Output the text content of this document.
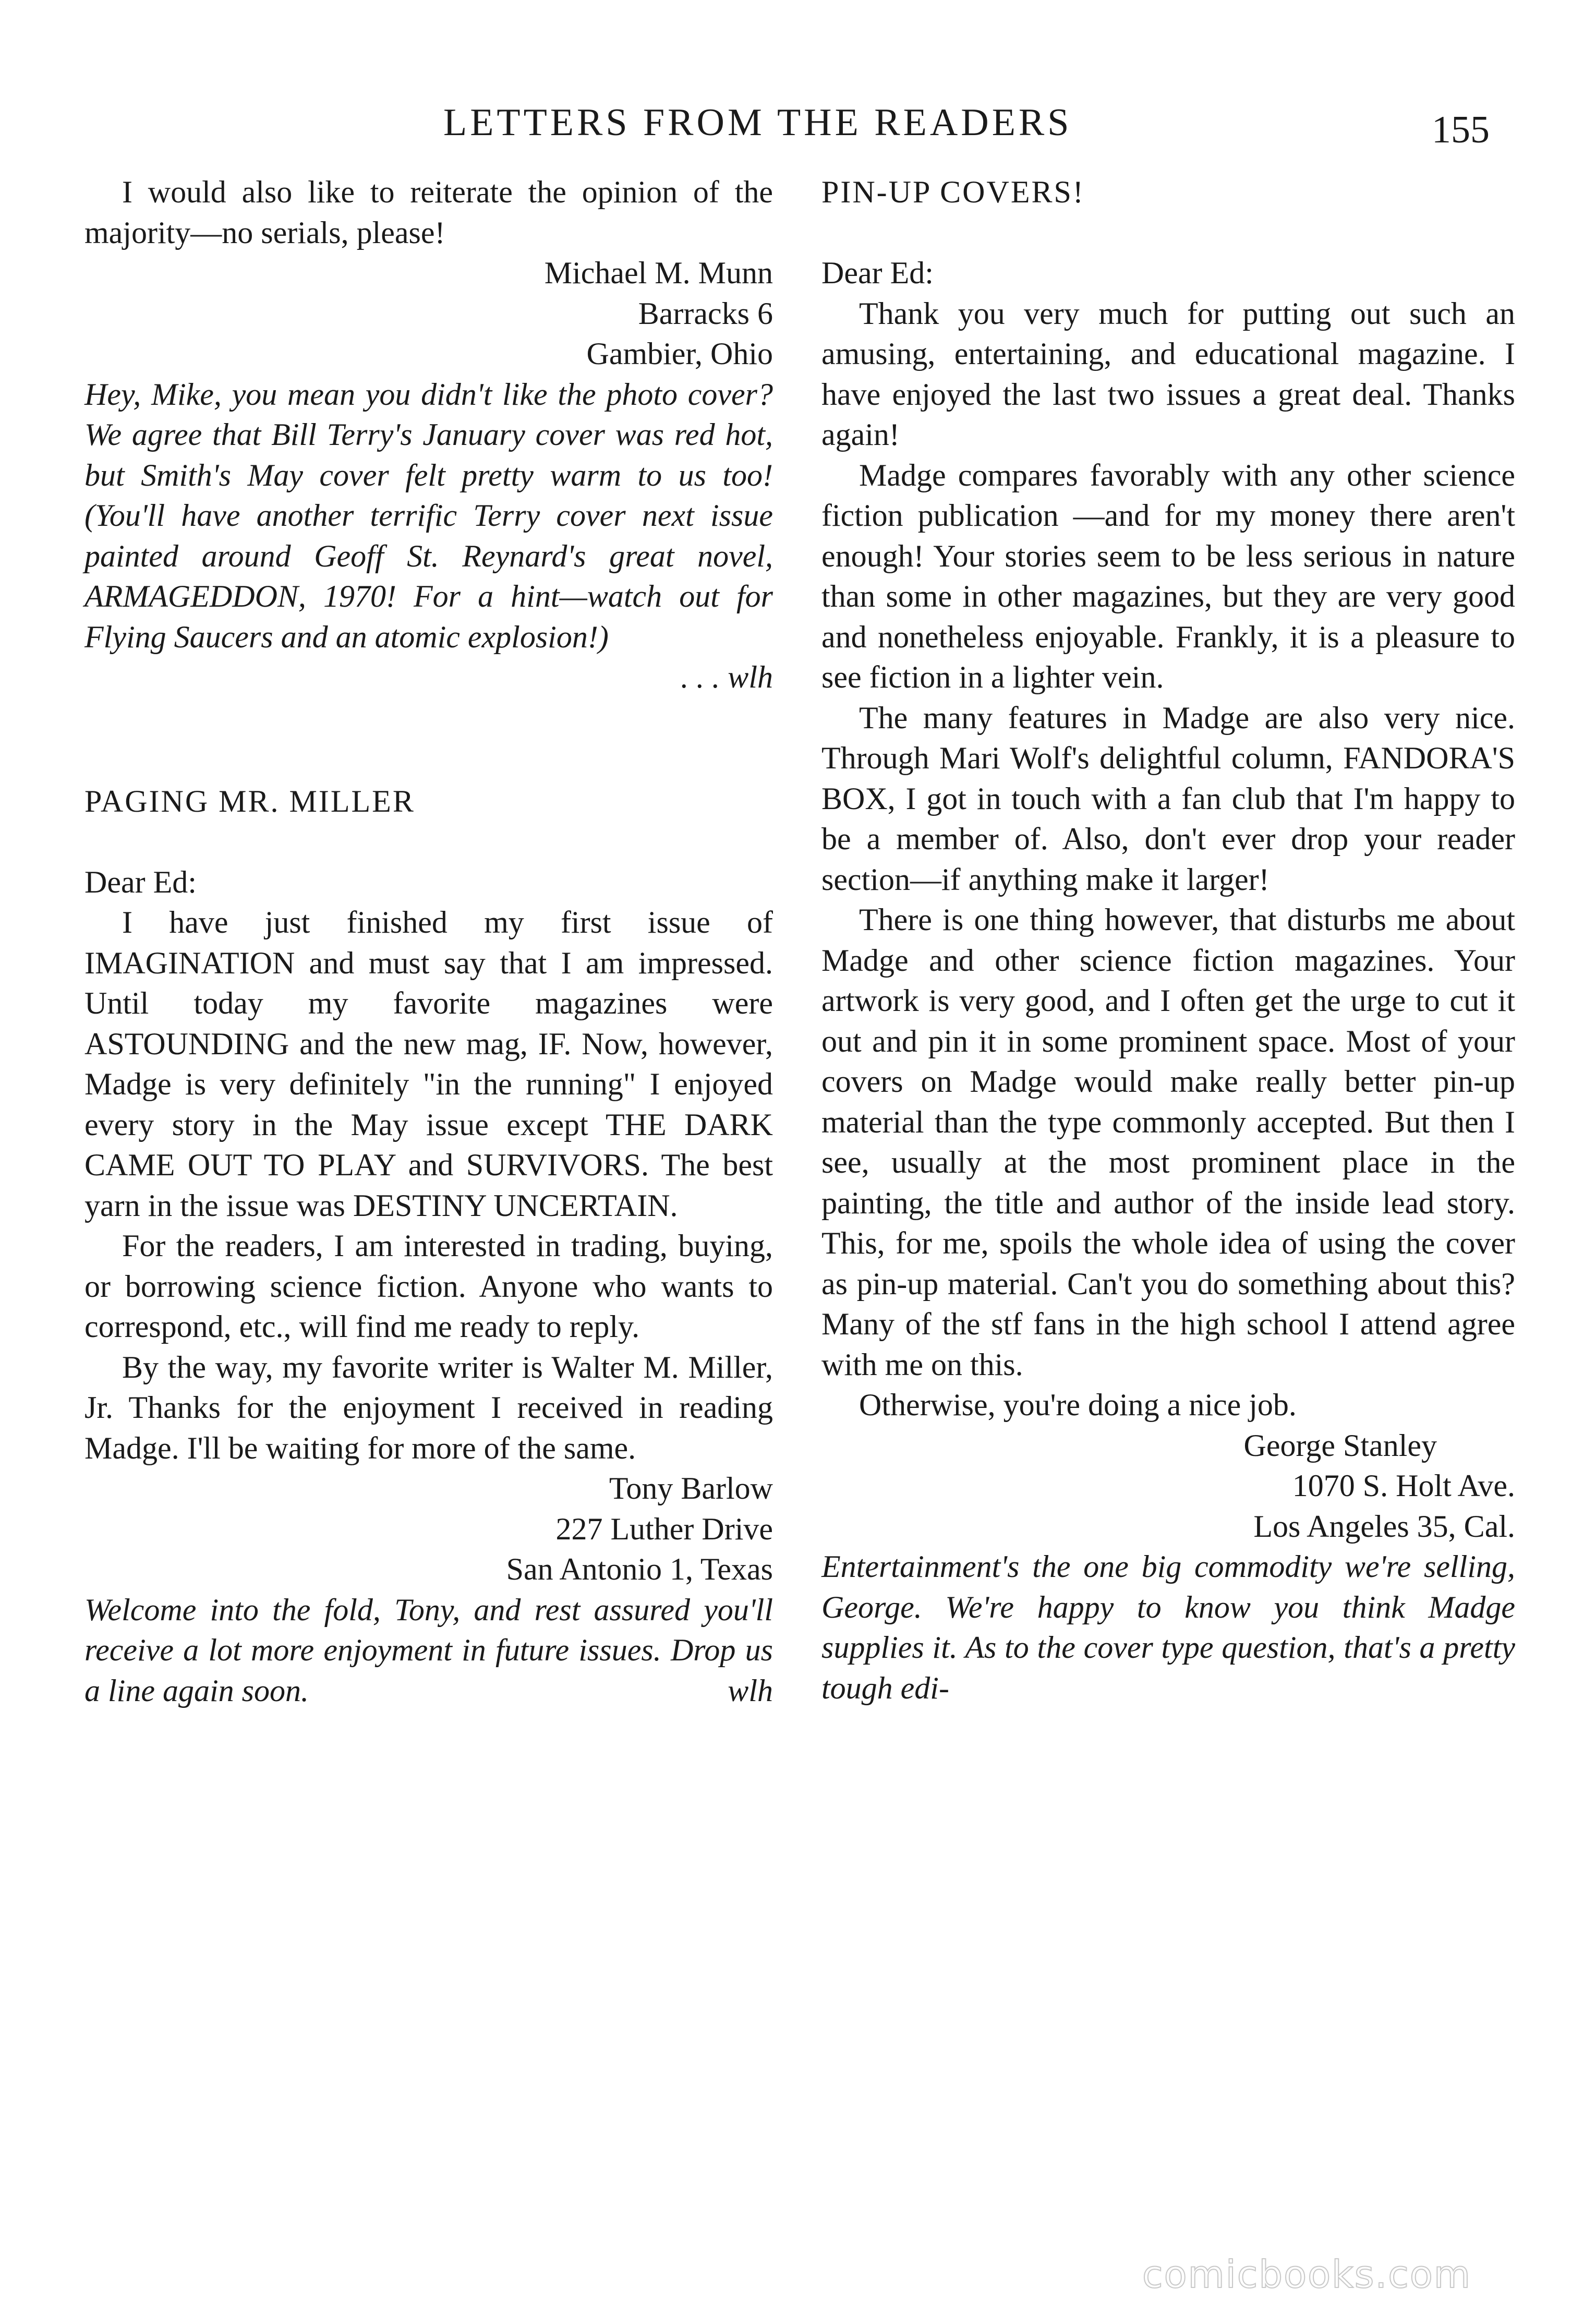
LETTERS FROM THE READERS	155

I would also like to reiterate the opinion of the majority—no serials, please!

Michael M. Munn

Barracks 6

Gambier, Ohio

Hey, Mike, you mean you didn't like the photo cover? We agree that Bill Terry's January cover was red hot, but Smith's May cover felt pretty warm to us too! (You'll have another terrific Terry cover next issue painted around Geoff St. Reynard's great novel, ARMAGEDDON, 1970! For a hint—watch out for Flying Saucers and an atomic explosion!)

. . . wlh

PAGING MR. MILLER

Dear Ed:

I have just finished my first issue of IMAGINATION and must say that I am impressed. Until today my favorite magazines were ASTOUNDING and the new mag, IF. Now, however, Madge is very definitely "in the running" I enjoyed every story in the May issue except THE DARK CAME OUT TO PLAY and SURVIVORS. The best yarn in the issue was DESTINY UNCERTAIN.

For the readers, I am interested in trading, buying, or borrowing science fiction. Anyone who wants to correspond, etc., will find me ready to reply.

By the way, my favorite writer is Walter M. Miller, Jr. Thanks for the enjoyment I received in reading Madge. I'll be waiting for more of the same.

Tony Barlow

227 Luther Drive

San Antonio 1, Texas

Welcome into the fold, Tony, and rest assured you'll receive a lot more enjoyment in future issues. Drop us a line again soon.	wlh

PIN-UP COVERS!

Dear Ed:

Thank you very much for putting out such an amusing, entertaining, and educational magazine. I have enjoyed the last two issues a great deal. Thanks again!

Madge compares favorably with any other science fiction publication —and for my money there aren't enough! Your stories seem to be less serious in nature than some in other magazines, but they are very good and nonetheless enjoyable. Frankly, it is a pleasure to see fiction in a lighter vein.

The many features in Madge are also very nice. Through Mari Wolf's delightful column, FANDORA'S BOX, I got in touch with a fan club that I'm happy to be a member of. Also, don't ever drop your reader section—if anything make it larger!

There is one thing however, that disturbs me about Madge and other science fiction magazines. Your artwork is very good, and I often get the urge to cut it out and pin it in some prominent space. Most of your covers on Madge would make really better pin-up material than the type commonly accepted. But then I see, usually at the most prominent place in the painting, the title and author of the inside lead story. This, for me, spoils the whole idea of using the cover as pin-up material. Can't you do something about this? Many of the stf fans in the high school I attend agree with me on this.

Otherwise, you're doing a nice job.

George Stanley

1070 S. Holt Ave.

Los Angeles 35, Cal.

Entertainment's the one big commodity we're selling, George. We're happy to know you think Madge supplies it. As to the cover type question, that's a pretty tough edi-

comicbooks.com
